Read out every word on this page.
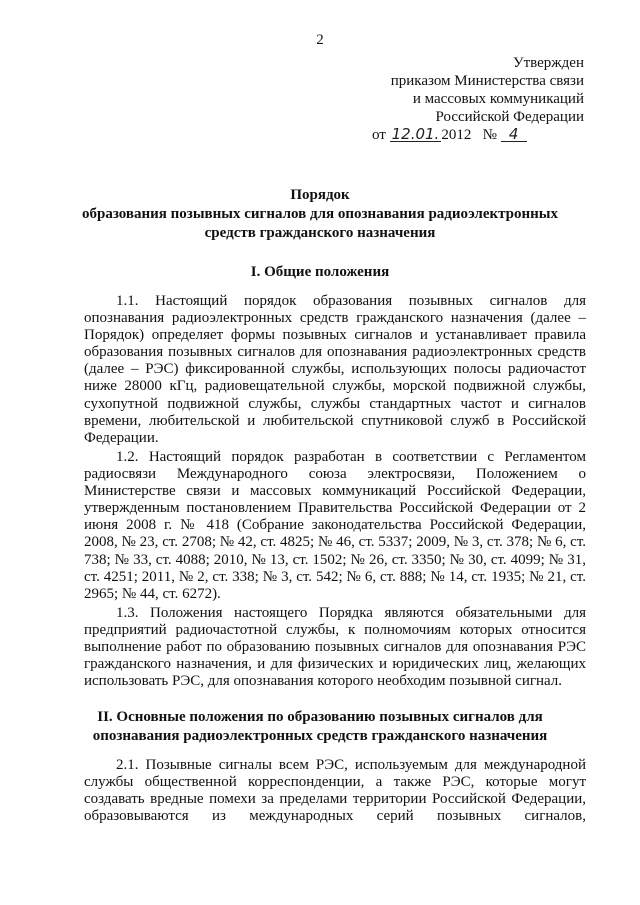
2
Утвержден
приказом Министерства связи
и массовых коммуникаций
Российской Федерации
от 12.01. 2012 № 4
Порядок
образования позывных сигналов для опознавания радиоэлектронных
средств гражданского назначения
I. Общие положения

1.1. Настоящий порядок образования позывных сигналов для опознавания радиоэлектронных средств гражданского назначения (далее – Порядок) определяет формы позывных сигналов и устанавливает правила образования позывных сигналов для опознавания радиоэлектронных средств (далее – РЭС) фиксированной службы, использующих полосы радиочастот ниже 28000 кГц, радиовещательной службы, морской подвижной службы, сухопутной подвижной службы, службы стандартных частот и сигналов времени, любительской и любительской спутниковой служб в Российской Федерации.

1.2. Настоящий порядок разработан в соответствии с Регламентом радиосвязи Международного союза электросвязи, Положением о Министерстве связи и массовых коммуникаций Российской Федерации, утвержденным постановлением Правительства Российской Федерации от 2 июня 2008 г. № 418 (Собрание законодательства Российской Федерации, 2008, № 23, ст. 2708; № 42, ст. 4825; № 46, ст. 5337; 2009, № 3, ст. 378; № 6, ст. 738; № 33, ст. 4088; 2010, № 13, ст. 1502; № 26, ст. 3350; № 30, ст. 4099; № 31, ст. 4251; 2011, № 2, ст. 338; № 3, ст. 542; № 6, ст. 888; № 14, ст. 1935; № 21, ст. 2965; № 44, ст. 6272).

1.3. Положения настоящего Порядка являются обязательными для предприятий радиочастотной службы, к полномочиям которых относится выполнение работ по образованию позывных сигналов для опознавания РЭС гражданского назначения, и для физических и юридических лиц, желающих использовать РЭС, для опознавания которого необходим позывной сигнал.

II. Основные положения по образованию позывных сигналов для
опознавания радиоэлектронных средств гражданского назначения

2.1. Позывные сигналы всем РЭС, используемым для международной службы общественной корреспонденции, а также РЭС, которые могут создавать вредные помехи за пределами территории Российской Федерации, образовываются из международных серий позывных сигналов,
